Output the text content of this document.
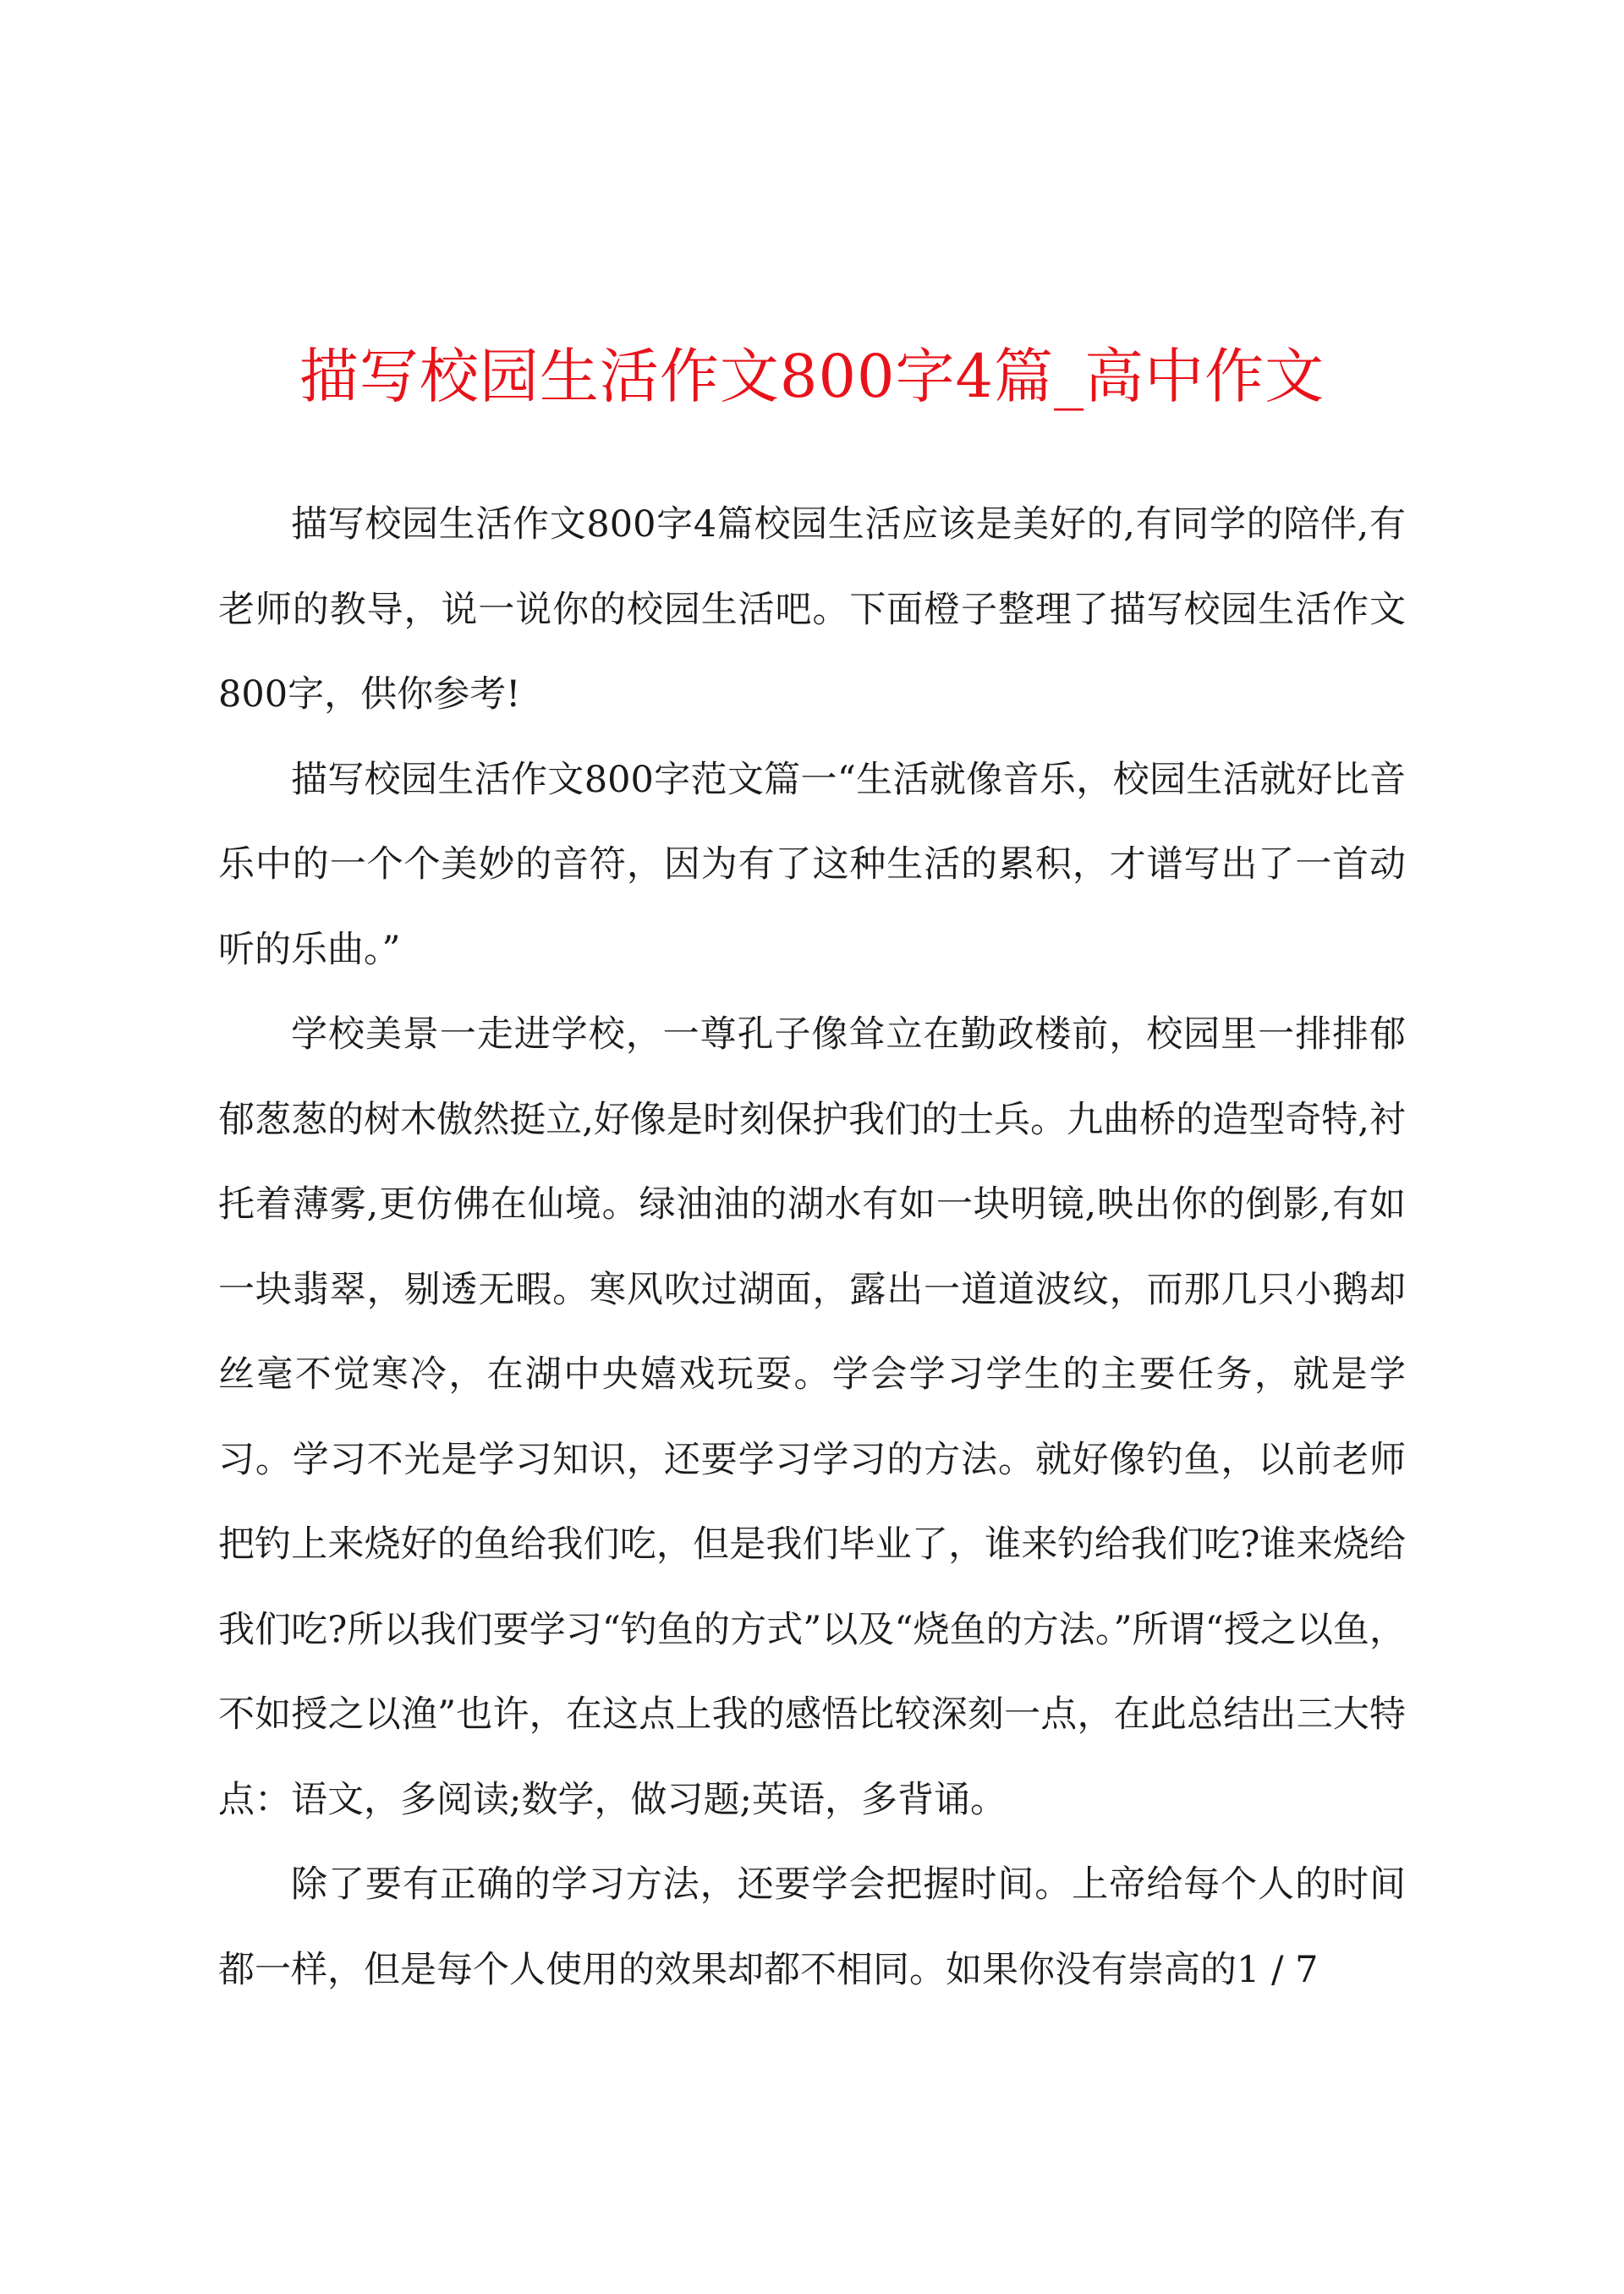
描写校园生活作文800字4篇_高中作文

描写校园生活作文800字4篇校园生活应该是美好的,有同学的陪伴,有老师的教导，说一说你的校园生活吧。下面橙子整理了描写校园生活作文800字，供你参考!

描写校园生活作文800字范文篇一“生活就像音乐，校园生活就好比音乐中的一个个美妙的音符，因为有了这种生活的累积，才谱写出了一首动听的乐曲。”

学校美景一走进学校，一尊孔子像耸立在勤政楼前，校园里一排排郁郁葱葱的树木傲然挺立,好像是时刻保护我们的士兵。九曲桥的造型奇特,衬托着薄雾,更仿佛在仙境。绿油油的湖水有如一块明镜,映出你的倒影,有如一块翡翠，剔透无暇。寒风吹过湖面，露出一道道波纹，而那几只小鹅却丝毫不觉寒冷，在湖中央嬉戏玩耍。学会学习学生的主要任务，就是学习。学习不光是学习知识，还要学习学习的方法。就好像钓鱼，以前老师把钓上来烧好的鱼给我们吃，但是我们毕业了，谁来钓给我们吃?谁来烧给我们吃?所以我们要学习“钓鱼的方式”以及“烧鱼的方法。”所谓“授之以鱼，不如授之以渔”也许，在这点上我的感悟比较深刻一点，在此总结出三大特点：语文，多阅读;数学，做习题;英语，多背诵。

除了要有正确的学习方法，还要学会把握时间。上帝给每个人的时间都一样，但是每个人使用的效果却都不相同。如果你没有崇高的1 / 7
